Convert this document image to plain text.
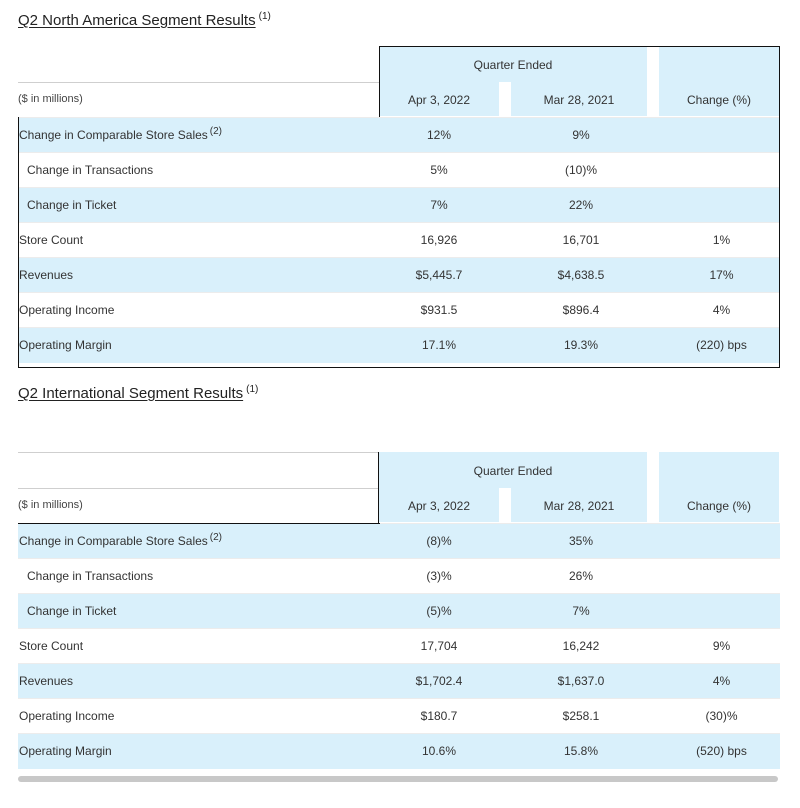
Q2 North America Segment Results $^{(1)}$
Quarter Ended
($ in millions)	Apr 3, 2022	Mar 28, 2021	Change (%)
Change in Comparable Store Sales $^{(2)}$	12%	9%
Change in Transactions	5%	(10)%
Change in Ticket	7%	22%
Store Count	16,926	16,701	1%
Revenues	$5,445.7	$4,638.5	17%
Operating Income	$931.5	$896.4	4%
Operating Margin	17.1%	19.3%	(220) bps
Q2 International Segment Results $^{(1)}$
Quarter Ended
($ in millions)	Apr 3, 2022	Mar 28, 2021	Change (%)
Change in Comparable Store Sales $^{(2)}$	(8)%	35%
Change in Transactions	(3)%	26%
Change in Ticket	(5)%	7%
Store Count	17,704	16,242	9%
Revenues	$1,702.4	$1,637.0	4%
Operating Income	$180.7	$258.1	(30)%
Operating Margin	10.6%	15.8%	(520) bps
